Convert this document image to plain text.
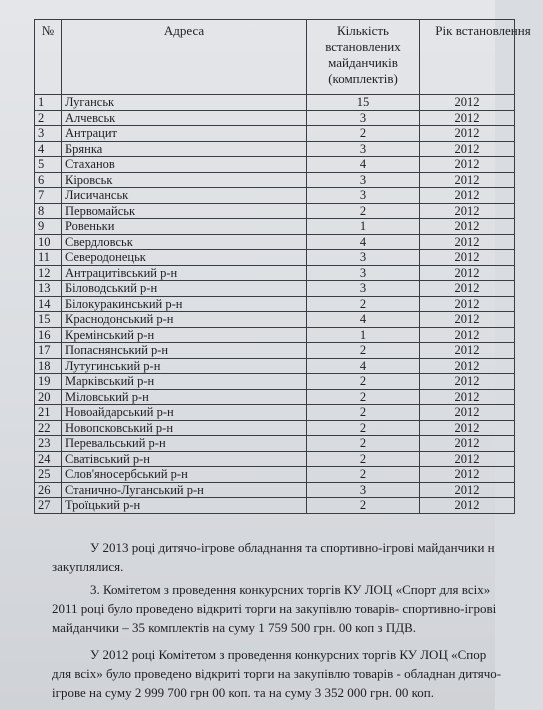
№	Адреса	Кількість встановлених майданчиків (комплектів)	Рік встановлення

1	Луганськ	15	2012
2	Алчевськ	3	2012
3	Антрацит	2	2012
4	Брянка	3	2012
5	Стаханов	4	2012
6	Кіровськ	3	2012
7	Лисичанськ	3	2012
8	Первомайськ	2	2012
9	Ровеньки	1	2012
10	Свердловськ	4	2012
11	Северодонецьк	3	2012
12	Антрацитівський р-н	3	2012
13	Біловодський р-н	3	2012
14	Білокуракинський р-н	2	2012
15	Краснодонський р-н	4	2012
16	Кремінський р-н	1	2012
17	Попаснянський р-н	2	2012
18	Лутугинський р-н	4	2012
19	Марківський р-н	2	2012
20	Міловський р-н	2	2012
21	Новоайдарський р-н	2	2012
22	Новопсковський р-н	2	2012
23	Перевальський р-н	2	2012
24	Сватівський р-н	2	2012
25	Слов'яносербський р-н	2	2012
26	Станично-Луганський р-н	3	2012
27	Троїцький р-н	2	2012
У 2013 році дитячо-ігрове обладнання та спортивно-ігрові майданчики н закуплялися.
3. Комітетом з проведення конкурсних торгів КУ ЛОЦ «Спорт для всіх» 2011 році було проведено відкриті торги на закупівлю товарів- спортивно-ігрові майданчики – 35 комплектів на суму 1 759 500 грн. 00 коп з ПДВ.
У 2012 році Комітетом з проведення конкурсних торгів КУ ЛОЦ «Спор для всіх» було проведено відкриті торги на закупівлю товарів - обладнан дитячо-ігрове на суму 2 999 700 грн 00 коп. та на суму 3 352 000 грн. 00 коп.
